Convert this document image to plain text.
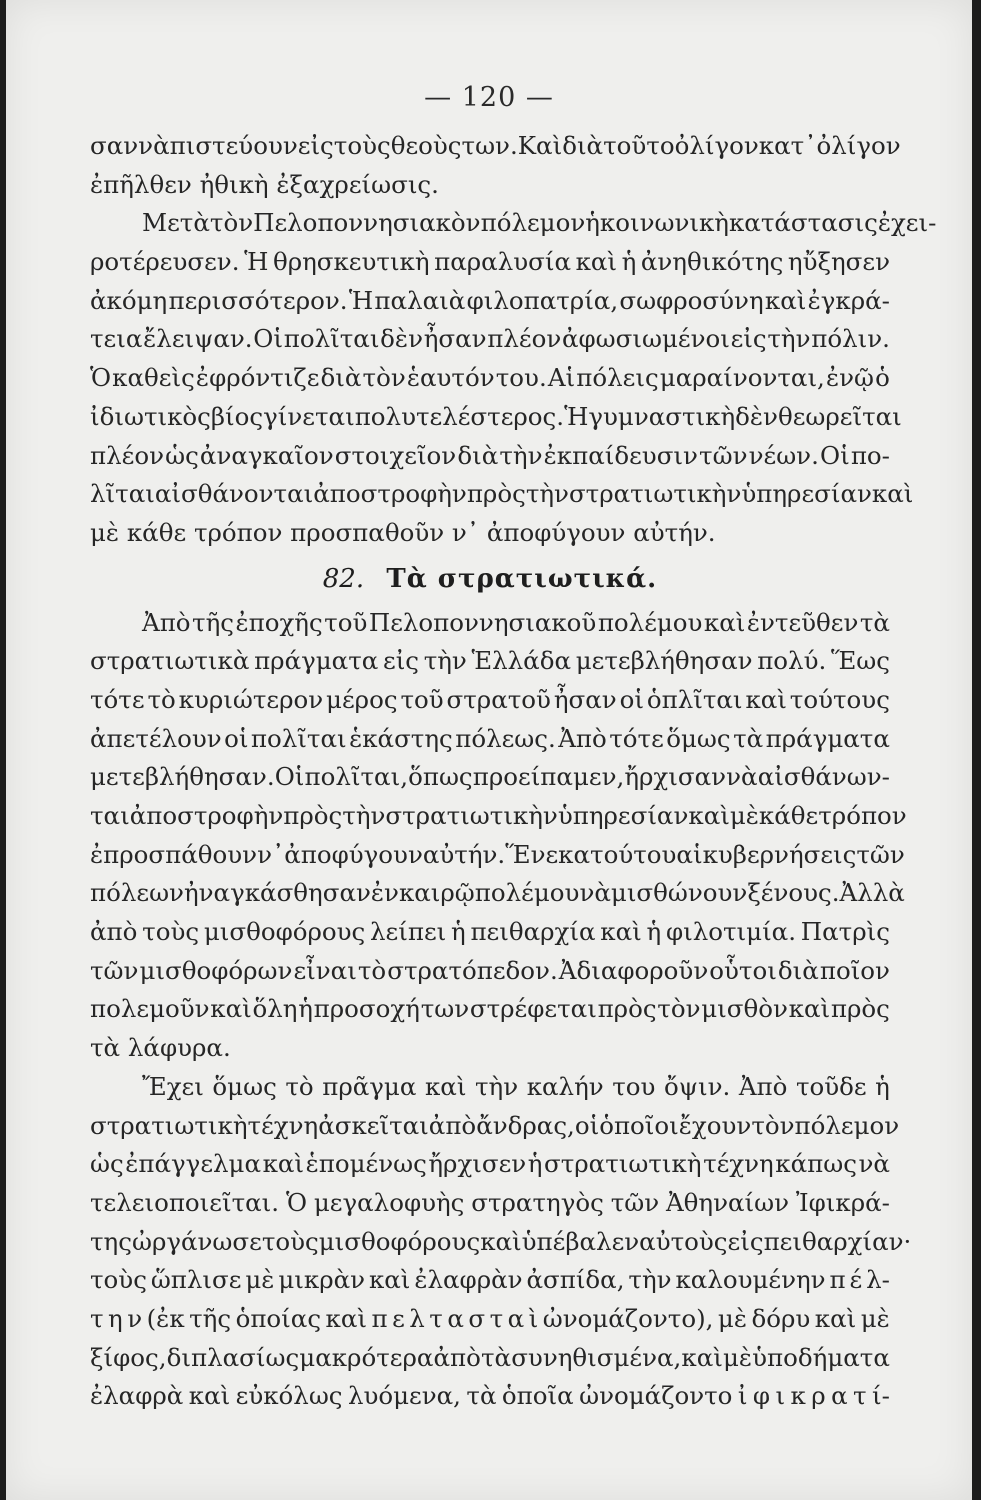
— 120 —
σαν νὰ πιστεύουν εἰς τοὺς θεοὺς των. Καὶ διὰ τοῦτο ὀλίγον κατ᾽ ὀλίγον
ἐπῆλθεν ἠθικὴ ἐξαχρείωσις.
Μετὰ τὸν Πελοποννησιακὸν πόλεμον ἡ κοινωνικὴ κατάστασις ἐχει-
ροτέρευσεν. Ἡ θρησκευτικὴ παραλυσία καὶ ἡ ἀνηθικότης ηὔξησεν
ἀκόμη περισσότερον. Ἡ παλαιὰ φιλοπατρία, σωφροσύνη καὶ ἐγκρά-
τεια ἔλειψαν. Οἱ πολῖται δὲν ἦσαν πλέον ἀφωσιωμένοι εἰς τὴν πόλιν.
Ὁ καθεὶς ἐφρόντιζε διὰ τὸν ἑαυτόν του. Αἱ πόλεις μαραίνονται, ἐνῷ ὁ
ἰδιωτικὸς βίος γίνεται πολυτελέστερος. Ἡ γυμναστικὴ δὲν θεωρεῖται
πλέον ὡς ἀναγκαῖον στοιχεῖον διὰ τὴν ἐκπαίδευσιν τῶν νέων. Οἱ πο-
λῖται αἰσθάνονται ἀποστροφὴν πρὸς τὴν στρατιωτικὴν ὑπηρεσίαν καὶ
μὲ κάθε τρόπον προσπαθοῦν ν᾽ ἀποφύγουν αὐτήν.
82. Τὰ στρατιωτικά.
Ἀπὸ τῆς ἐποχῆς τοῦ Πελοποννησιακοῦ πολέμου καὶ ἐντεῦθεν τὰ
στρατιωτικὰ πράγματα εἰς τὴν Ἑλλάδα μετεβλήθησαν πολύ. Ἕως
τότε τὸ κυριώτερον μέρος τοῦ στρατοῦ ἦσαν οἱ ὁπλῖται καὶ τούτους
ἀπετέλουν οἱ πολῖται ἑκάστης πόλεως. Ἀπὸ τότε ὅμως τὰ πράγματα
μετεβλήθησαν. Οἱ πολῖται, ὅπως προείπαμεν, ἤρχισαν νὰ αἰσθάνων-
ται ἀποστροφὴν πρὸς τὴν στρατιωτικὴν ὑπηρεσίαν καὶ μὲ κάθε τρόπον
ἐπροσπάθουν ν᾽ ἀποφύγουν αὐτήν. Ἕνεκα τούτου αἱ κυβερνήσεις τῶν
πόλεων ἠναγκάσθησαν ἐν καιρῷ πολέμου νὰ μισθώνουν ξένους. Ἀλλὰ
ἀπὸ τοὺς μισθοφόρους λείπει ἡ πειθαρχία καὶ ἡ φιλοτιμία. Πατρὶς
τῶν μισθοφόρων εἶναι τὸ στρατόπεδον. Ἀδιαφοροῦν οὗτοι διὰ ποῖον
πολεμοῦν καὶ ὅλη ἡ προσοχή των στρέφεται πρὸς τὸν μισθὸν καὶ πρὸς
τὰ λάφυρα.
Ἔχει ὅμως τὸ πρᾶγμα καὶ τὴν καλήν του ὄψιν. Ἀπὸ τοῦδε ἡ
στρατιωτικὴ τέχνη ἀσκεῖται ἀπὸ ἄνδρας, οἱ ὁποῖοι ἔχουν τὸν πόλεμον
ὡς ἐπάγγελμα καὶ ἑπομένως ἤρχισεν ἡ στρατιωτικὴ τέχνη κάπως νὰ
τελειοποιεῖται. Ὁ μεγαλοφυὴς στρατηγὸς τῶν Ἀθηναίων Ἰφικρά-
της ὠργάνωσε τοὺς μισθοφόρους καὶ ὑπέβαλεν αὐτοὺς εἰς πειθαρχίαν·
τοὺς ὥπλισε μὲ μικρὰν καὶ ἐλαφρὰν ἀσπίδα, τὴν καλουμένην π έ λ-
τ η ν (ἐκ τῆς ὁποίας καὶ π ε λ τ α σ τ α ὶ ὠνομάζοντο), μὲ δόρυ καὶ μὲ
ξίφος, διπλασίως μακρότερα ἀπὸ τὰ συνηθισμένα, καὶ μὲ ὑποδήματα
ἐλαφρὰ καὶ εὐκόλως λυόμενα, τὰ ὁποῖα ὠνομάζοντο ἰ φ ι κ ρ α τ ί-
